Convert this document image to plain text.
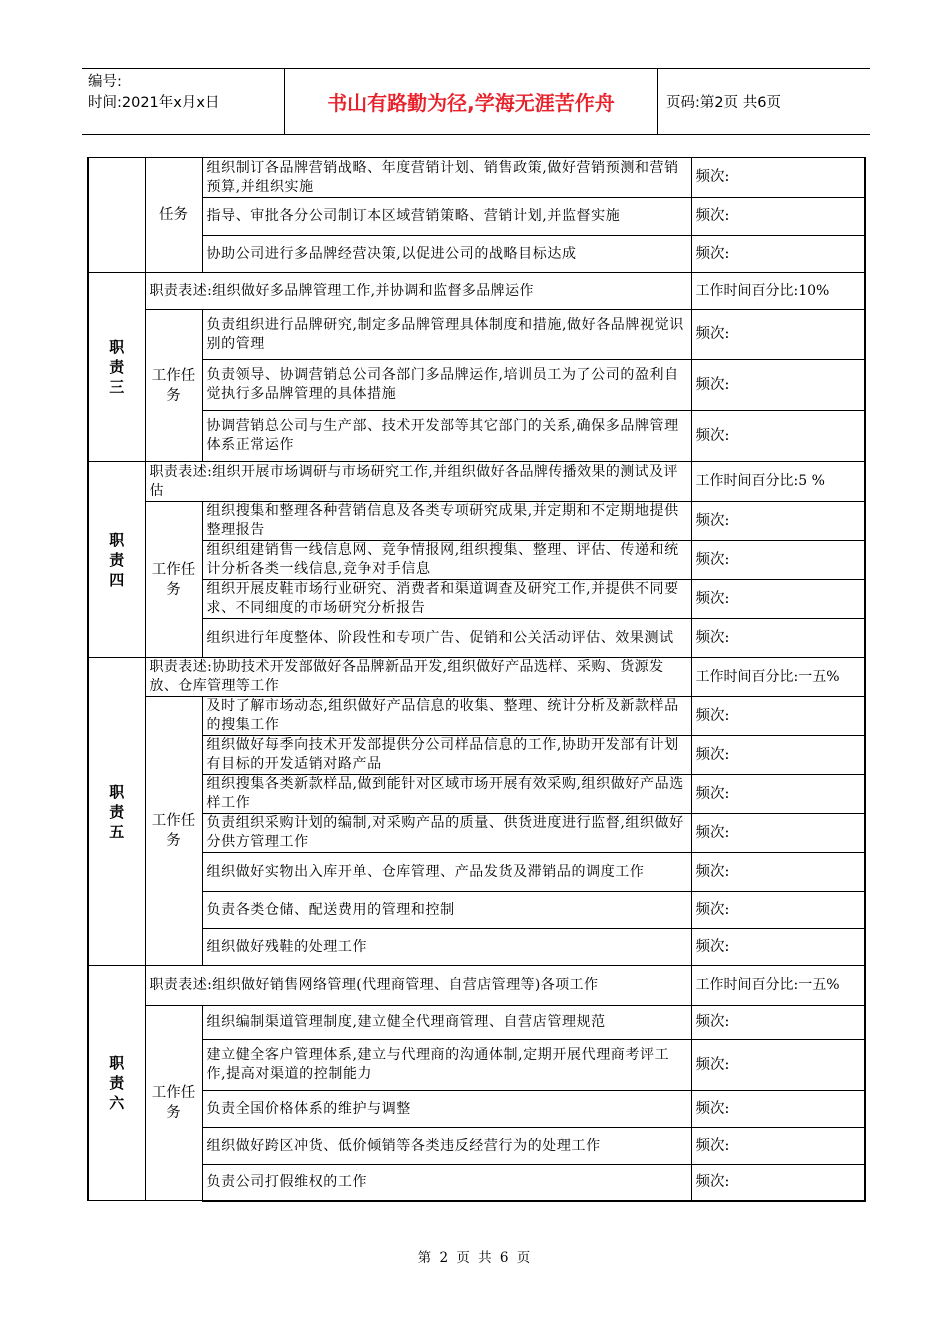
编号:
时间:2021年x月x日	书山有路勤为径,学海无涯苦作舟	页码:第2页 共6页
	任务	组织制订各品牌营销战略、年度营销计划、销售政策,做好营销预测和营销预算,并组织实施	频次:
		指导、审批各分公司制订本区域营销策略、营销计划,并监督实施	频次:
		协助公司进行多品牌经营决策,以促进公司的战略目标达成	频次:
职
责
三	职责表述:组织做好多品牌管理工作,并协调和监督多品牌运作		工作时间百分比:10%
	工作任务	负责组织进行品牌研究,制定多品牌管理具体制度和措施,做好各品牌视觉识别的管理	频次:
		负责领导、协调营销总公司各部门多品牌运作,培训员工为了公司的盈利自觉执行多品牌管理的具体措施	频次:
		协调营销总公司与生产部、技术开发部等其它部门的关系,确保多品牌管理体系正常运作	频次:
职
责
四	职责表述:组织开展市场调研与市场研究工作,并组织做好各品牌传播效果的测试及评估		工作时间百分比:5 %
	工作任务	组织搜集和整理各种营销信息及各类专项研究成果,并定期和不定期地提供整理报告	频次:
		组织组建销售一线信息网、竞争情报网,组织搜集、整理、评估、传递和统计分析各类一线信息,竞争对手信息	频次:
		组织开展皮鞋市场行业研究、消费者和渠道调查及研究工作,并提供不同要求、不同细度的市场研究分析报告	频次:
		组织进行年度整体、阶段性和专项广告、促销和公关活动评估、效果测试	频次:
职
责
五	职责表述:协助技术开发部做好各品牌新品开发,组织做好产品选样、采购、货源发放、仓库管理等工作		工作时间百分比:一五%
	工作任务	及时了解市场动态,组织做好产品信息的收集、整理、统计分析及新款样品的搜集工作	频次:
		组织做好每季向技术开发部提供分公司样品信息的工作,协助开发部有计划有目标的开发适销对路产品	频次:
		组织搜集各类新款样品,做到能针对区域市场开展有效采购,组织做好产品选样工作	频次:
		负责组织采购计划的编制,对采购产品的质量、供货进度进行监督,组织做好分供方管理工作	频次:
		组织做好实物出入库开单、仓库管理、产品发货及滞销品的调度工作	频次:
		负责各类仓储、配送费用的管理和控制	频次:
		组织做好残鞋的处理工作	频次:
职
责
六	职责表述:组织做好销售网络管理(代理商管理、自营店管理等)各项工作		工作时间百分比:一五%
	工作任务	组织编制渠道管理制度,建立健全代理商管理、自营店管理规范	频次:
		建立健全客户管理体系,建立与代理商的沟通体制,定期开展代理商考评工作,提高对渠道的控制能力	频次:
		负责全国价格体系的维护与调整	频次:
		组织做好跨区冲货、低价倾销等各类违反经营行为的处理工作	频次:
		负责公司打假维权的工作	频次:
第 2 页 共 6 页
